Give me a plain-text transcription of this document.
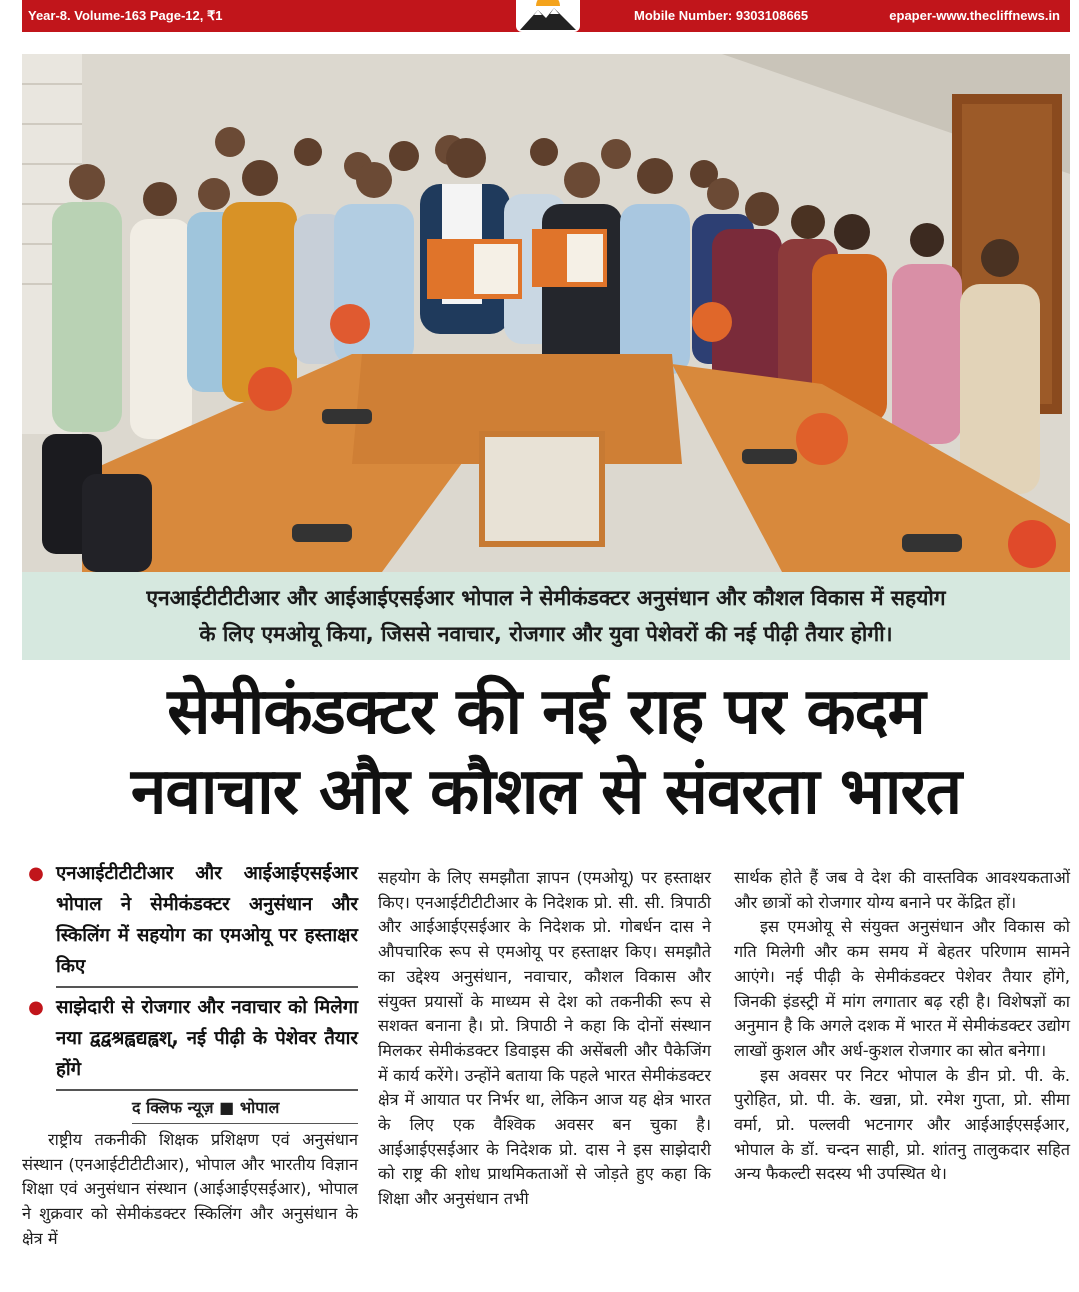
Year-8. Volume-163 Page-12, ₹1	Mobile Number: 9303108665	epaper-www.thecliffnews.in

एनआईटीटीटीआर और आईआईएसईआर भोपाल ने सेमीकंडक्टर अनुसंधान और कौशल विकास में सहयोग

के लिए एमओयू किया, जिससे नवाचार, रोजगार और युवा पेशेवरों की नई पीढ़ी तैयार होगी।

सेमीकंडक्टर की नई राह पर कदम
नवाचार और कौशल से संवरता भारत
● एनआईटीटीटीआर और आईआईएसईआर भोपाल ने सेमीकंडक्टर अनुसंधान और स्किलिंग में सहयोग का एमओयू पर हस्ताक्षर किए
● साझेदारी से रोजगार और नवाचार को मिलेगा नया द्वद्वश्रह्वद्यह्वश्, नई पीढ़ी के पेशेवर तैयार होंगे
द क्लिफ न्यूज़ ■ भोपाल

राष्ट्रीय तकनीकी शिक्षक प्रशिक्षण एवं अनुसंधान संस्थान (एनआईटीटीटीआर), भोपाल और भारतीय विज्ञान शिक्षा एवं अनुसंधान संस्थान (आईआईएसईआर), भोपाल ने शुक्रवार को सेमीकंडक्टर स्किलिंग और अनुसंधान के क्षेत्र में

सहयोग के लिए समझौता ज्ञापन (एमओयू) पर हस्ताक्षर किए। एनआईटीटीटीआर के निदेशक प्रो. सी. सी. त्रिपाठी और आईआईएसईआर के निदेशक प्रो. गोबर्धन दास ने औपचारिक रूप से एमओयू पर हस्ताक्षर किए। समझौते का उद्देश्य अनुसंधान, नवाचार, कौशल विकास और संयुक्त प्रयासों के माध्यम से देश को तकनीकी रूप से सशक्त बनाना है। प्रो. त्रिपाठी ने कहा कि दोनों संस्थान मिलकर सेमीकंडक्टर डिवाइस की असेंबली और पैकेजिंग में कार्य करेंगे। उन्होंने बताया कि पहले भारत सेमीकंडक्टर क्षेत्र में आयात पर निर्भर था, लेकिन आज यह क्षेत्र भारत के लिए एक वैश्विक अवसर बन चुका है। आईआईएसईआर के निदेशक प्रो. दास ने इस साझेदारी को राष्ट्र की शोध प्राथमिकताओं से जोड़ते हुए कहा कि शिक्षा और अनुसंधान तभी

सार्थक होते हैं जब वे देश की वास्तविक आवश्यकताओं और छात्रों को रोजगार योग्य बनाने पर केंद्रित हों।

इस एमओयू से संयुक्त अनुसंधान और विकास को गति मिलेगी और कम समय में बेहतर परिणाम सामने आएंगे। नई पीढ़ी के सेमीकंडक्टर पेशेवर तैयार होंगे, जिनकी इंडस्ट्री में मांग लगातार बढ़ रही है। विशेषज्ञों का अनुमान है कि अगले दशक में भारत में सेमीकंडक्टर उद्योग लाखों कुशल और अर्ध-कुशल रोजगार का स्रोत बनेगा।

इस अवसर पर निटर भोपाल के डीन प्रो. पी. के. पुरोहित, प्रो. पी. के. खन्ना, प्रो. रमेश गुप्ता, प्रो. सीमा वर्मा, प्रो. पल्लवी भटनागर और आईआईएसईआर, भोपाल के डॉ. चन्दन साही, प्रो. शांतनु तालुकदार सहित अन्य फैकल्टी सदस्य भी उपस्थित थे।
